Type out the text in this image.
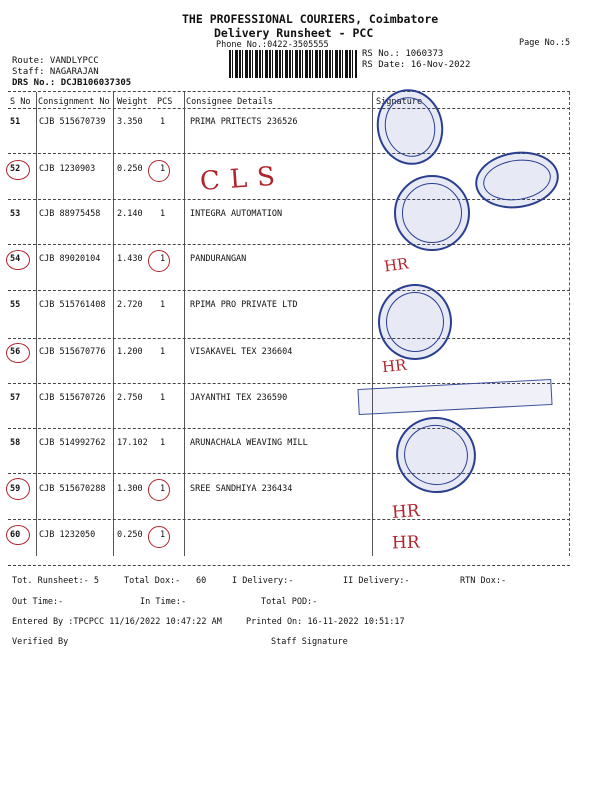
THE PROFESSIONAL COURIERS, Coimbatore
Delivery Runsheet - PCC
Phone No.:0422-3505555	Page No.:5
Route: VANDLYPCC
Staff: NAGARAJAN
DRS No.: DCJB106037305
RS No.: 1060373
RS Date: 16-Nov-2022
S No Consignment No Weight PCS Consignee Details	Signature
51 CJB 515670739 3.350 1	PRIMA PRITECTS 236526
52 CJB 1230903	0.250 1
53 CJB 88975458 2.140 1	INTEGRA AUTOMATION
54 CJB 89020104 1.430 1	PANDURANGAN
55 CJB 515761408 2.720 1	RPIMA PRO PRIVATE LTD
56 CJB 515670776 1.200 1	VISAKAVEL TEX 236604
57 CJB 515670726 2.750 1	JAYANTHI TEX 236590
58 CJB 514992762 17.102 1	ARUNACHALA WEAVING MILL
59 CJB 515670288 1.300 1	SREE SANDHIYA 236434
60 CJB 1232050	0.250 1
CLS
HR
HR
HR
HR
Tot. Runsheet:- 5	Total Dox:- 60	I Delivery:-	II Delivery:-	RTN Dox:-
Out Time:-	In Time:-	Total POD:-
Entered By :TPCPCC 11/16/2022 10:47:22 AM	Printed On: 16-11-2022 10:51:17
Verified By	Staff Signature
